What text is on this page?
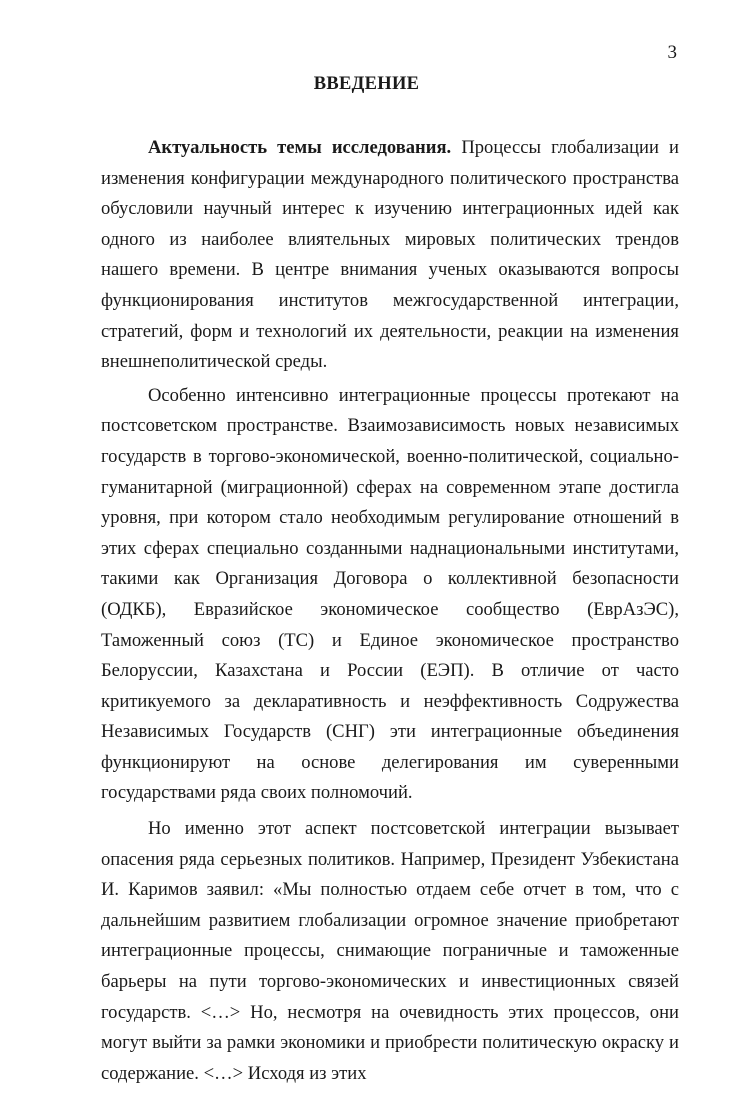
3
ВВЕДЕНИЕ

Актуальность темы исследования. Процессы глобализации и изменения конфигурации международного политического пространства обусловили научный интерес к изучению интеграционных идей как одного из наиболее влиятельных мировых политических трендов нашего времени. В центре внимания ученых оказываются вопросы функционирования институтов межгосударственной интеграции, стратегий, форм и технологий их деятельности, реакции на изменения внешнеполитической среды.

Особенно интенсивно интеграционные процессы протекают на постсоветском пространстве. Взаимозависимость новых независимых государств в торгово-экономической, военно-политической, социально-гуманитарной (миграционной) сферах на современном этапе достигла уровня, при котором стало необходимым регулирование отношений в этих сферах специально созданными наднациональными институтами, такими как Организация Договора о коллективной безопасности (ОДКБ), Евразийское экономическое сообщество (ЕврАзЭС), Таможенный союз (ТС) и Единое экономическое пространство Белоруссии, Казахстана и России (ЕЭП). В отличие от часто критикуемого за декларативность и неэффективность Содружества Независимых Государств (СНГ) эти интеграционные объединения функционируют на основе делегирования им суверенными государствами ряда своих полномочий.

Но именно этот аспект постсоветской интеграции вызывает опасения ряда серьезных политиков. Например, Президент Узбекистана И. Каримов заявил: «Мы полностью отдаем себе отчет в том, что с дальнейшим развитием глобализации огромное значение приобретают интеграционные процессы, снимающие пограничные и таможенные барьеры на пути торгово-экономических и инвестиционных связей государств. <…> Но, несмотря на очевидность этих процессов, они могут выйти за рамки экономики и приобрести политическую окраску и содержание. <…> Исходя из этих
